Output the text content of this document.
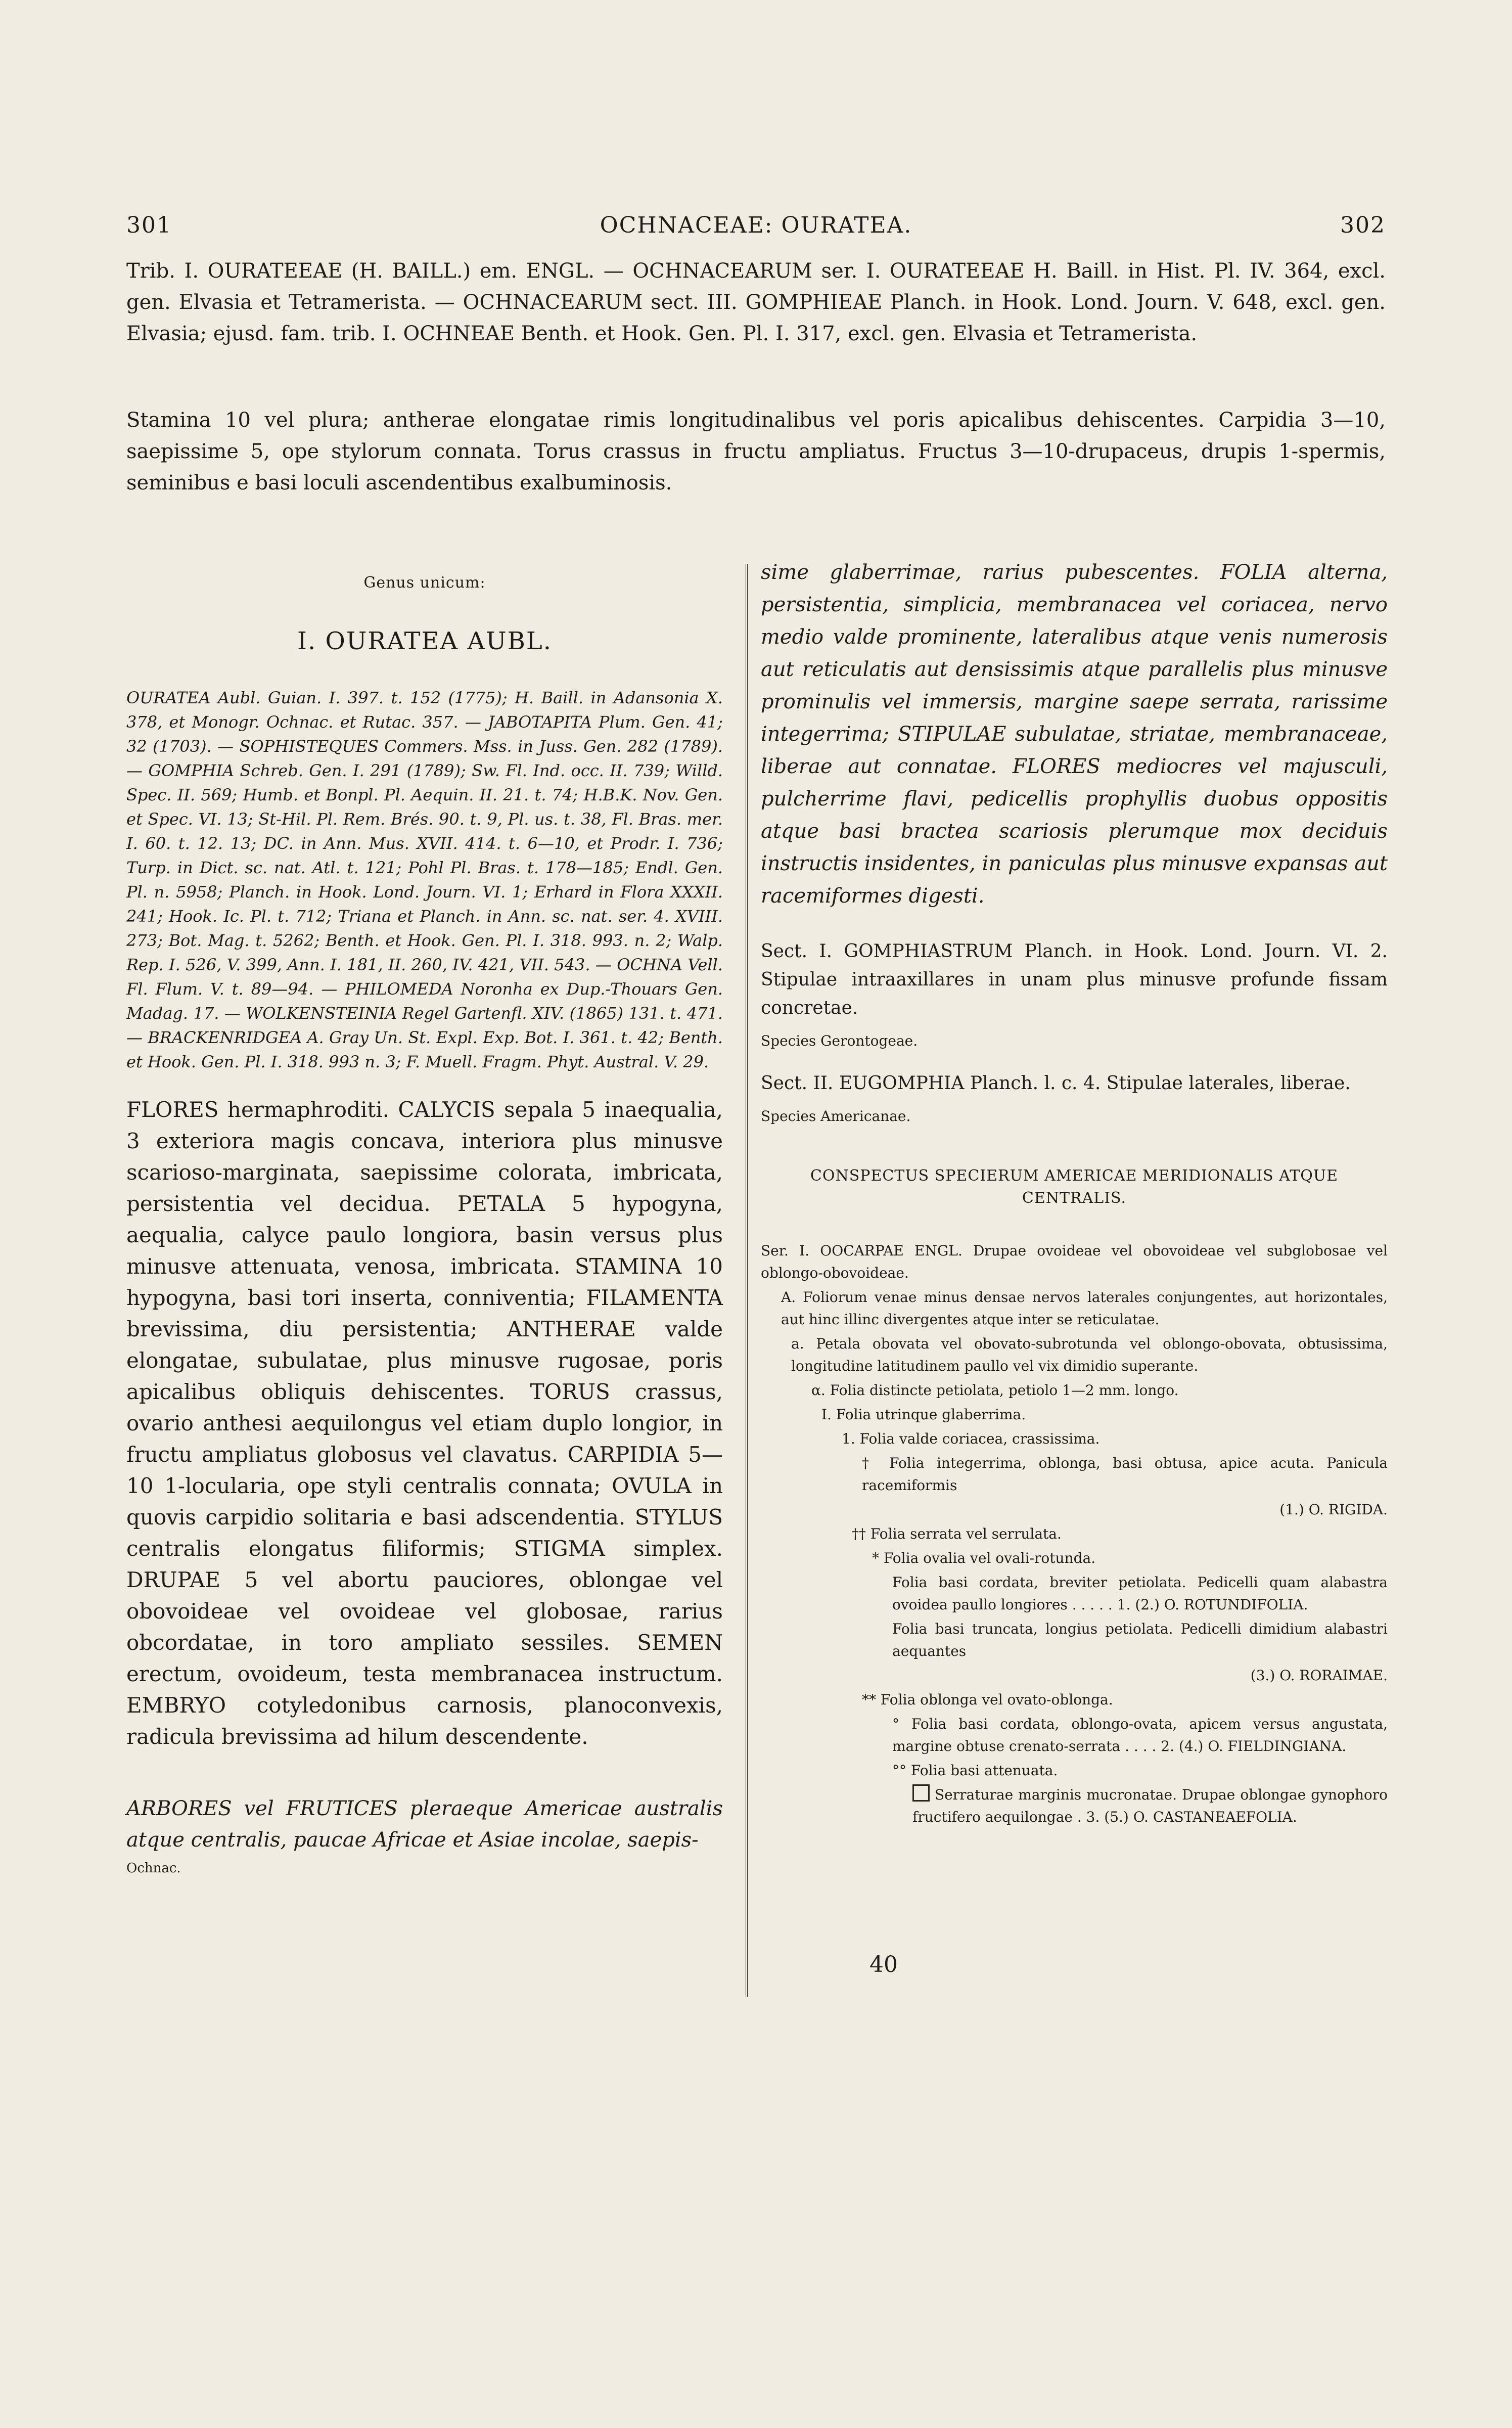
301	OCHNACEAE: OURATEA.	302
Trib. I. OURATEEAE (H. BAILL.) em. ENGL. — OCHNACEARUM ser. I. OURATEEAE H. Baill. in Hist. Pl. IV. 364, excl. gen. Elvasia et Tetramerista. — OCHNACEARUM sect. III. GOMPHIEAE Planch. in Hook. Lond. Journ. V. 648, excl. gen. Elvasia; ejusd. fam. trib. I. OCHNEAE Benth. et Hook. Gen. Pl. I. 317, excl. gen. Elvasia et Tetramerista.
Stamina 10 vel plura; antherae elongatae rimis longitudinalibus vel poris apicalibus dehiscentes. Carpidia 3—10, saepissime 5, ope stylorum connata. Torus crassus in fructu ampliatus. Fructus 3—10-drupaceus, drupis 1-spermis, seminibus e basi loculi ascendentibus exalbuminosis.
Genus unicum:
I. OURATEA AUBL.
OURATEA Aubl. Guian. I. 397. t. 152 (1775); H. Baill. in Adansonia X. 378, et Monogr. Ochnac. et Rutac. 357. — JABOTAPITA Plum. Gen. 41; 32 (1703). — SOPHISTEQUES Commers. Mss. in Juss. Gen. 282 (1789). — GOMPHIA Schreb. Gen. I. 291 (1789); Sw. Fl. Ind. occ. II. 739; Willd. Spec. II. 569; Humb. et Bonpl. Pl. Aequin. II. 21. t. 74; H.B.K. Nov. Gen. et Spec. VI. 13; St-Hil. Pl. Rem. Brés. 90. t. 9, Pl. us. t. 38, Fl. Bras. mer. I. 60. t. 12. 13; DC. in Ann. Mus. XVII. 414. t. 6—10, et Prodr. I. 736; Turp. in Dict. sc. nat. Atl. t. 121; Pohl Pl. Bras. t. 178—185; Endl. Gen. Pl. n. 5958; Planch. in Hook. Lond. Journ. VI. 1; Erhard in Flora XXXII. 241; Hook. Ic. Pl. t. 712; Triana et Planch. in Ann. sc. nat. ser. 4. XVIII. 273; Bot. Mag. t. 5262; Benth. et Hook. Gen. Pl. I. 318. 993. n. 2; Walp. Rep. I. 526, V. 399, Ann. I. 181, II. 260, IV. 421, VII. 543. — OCHNA Vell. Fl. Flum. V. t. 89—94. — PHILOMEDA Noronha ex Dup.-Thouars Gen. Madag. 17. — WOLKENSTEINIA Regel Gartenfl. XIV. (1865) 131. t. 471. — BRACKENRIDGEA A. Gray Un. St. Expl. Exp. Bot. I. 361. t. 42; Benth. et Hook. Gen. Pl. I. 318. 993 n. 3; F. Muell. Fragm. Phyt. Austral. V. 29.
FLORES hermaphroditi. CALYCIS sepala 5 inaequalia, 3 exteriora magis concava, interiora plus minusve scarioso-marginata, saepissime colorata, imbricata, persistentia vel decidua. PETALA 5 hypogyna, aequalia, calyce paulo longiora, basin versus plus minusve attenuata, venosa, imbricata. STAMINA 10 hypogyna, basi tori inserta, conniventia; FILAMENTA brevissima, diu persistentia; ANTHERAE valde elongatae, subulatae, plus minusve rugosae, poris apicalibus obliquis dehiscentes. TORUS crassus, ovario anthesi aequilongus vel etiam duplo longior, in fructu ampliatus globosus vel clavatus. CARPIDIA 5—10 1-locularia, ope styli centralis connata; OVULA in quovis carpidio solitaria e basi adscendentia. STYLUS centralis elongatus filiformis; STIGMA simplex. DRUPAE 5 vel abortu pauciores, oblongae vel obovoideae vel ovoideae vel globosae, rarius obcordatae, in toro ampliato sessiles. SEMEN erectum, ovoideum, testa membranacea instructum. EMBRYO cotyledonibus carnosis, planoconvexis, radicula brevissima ad hilum descendente.
ARBORES vel FRUTICES pleraeque Americae australis atque centralis, paucae Africae et Asiae incolae, saepis-
Ochnac.
sime glaberrimae, rarius pubescentes. FOLIA alterna, persistentia, simplicia, membranacea vel coriacea, nervo medio valde prominente, lateralibus atque venis numerosis aut reticulatis aut densissimis atque parallelis plus minusve prominulis vel immersis, margine saepe serrata, rarissime integerrima; STIPULAE subulatae, striatae, membranaceae, liberae aut connatae. FLORES mediocres vel majusculi, pulcherrime flavi, pedicellis prophyllis duobus oppositis atque basi bractea scariosis plerumque mox deciduis instructis insidentes, in paniculas plus minusve expansas aut racemiformes digesti.
Sect. I. GOMPHIASTRUM Planch. in Hook. Lond. Journ. VI. 2. Stipulae intraaxillares in unam plus minusve profunde fissam concretae.
Species Gerontogeae.
Sect. II. EUGOMPHIA Planch. l. c. 4. Stipulae laterales, liberae.
Species Americanae.
CONSPECTUS SPECIERUM AMERICAE MERIDIONALIS ATQUE CENTRALIS.
Ser. I. OOCARPAE ENGL. Drupae ovoideae vel obovoideae vel subglobosae vel oblongo-obovoideae.
A. Foliorum venae minus densae nervos laterales conjungentes, aut horizontales, aut hinc illinc divergentes atque inter se reticulatae.
a. Petala obovata vel obovato-subrotunda vel oblongo-obovata, obtusissima, longitudine latitudinem paullo vel vix dimidio superante.
α. Folia distincte petiolata, petiolo 1—2 mm. longo.
I. Folia utrinque glaberrima.
1. Folia valde coriacea, crassissima.
† Folia integerrima, oblonga, basi obtusa, apice acuta. Panicula racemiformis
(1.) O. RIGIDA.
†† Folia serrata vel serrulata.
* Folia ovalia vel ovali-rotunda.
Folia basi cordata, breviter petiolata. Pedicelli quam alabastra ovoidea paullo longiores . . . . . 1. (2.) O. ROTUNDIFOLIA.
Folia basi truncata, longius petiolata. Pedicelli dimidium alabastri aequantes
(3.) O. RORAIMAE.
** Folia oblonga vel ovato-oblonga.
° Folia basi cordata, oblongo-ovata, apicem versus angustata, margine obtuse crenato-serrata . . . . 2. (4.) O. FIELDINGIANA.
°° Folia basi attenuata.
Serraturae marginis mucronatae. Drupae oblongae gynophoro fructifero aequilongae . 3. (5.) O. CASTANEAEFOLIA.
40
